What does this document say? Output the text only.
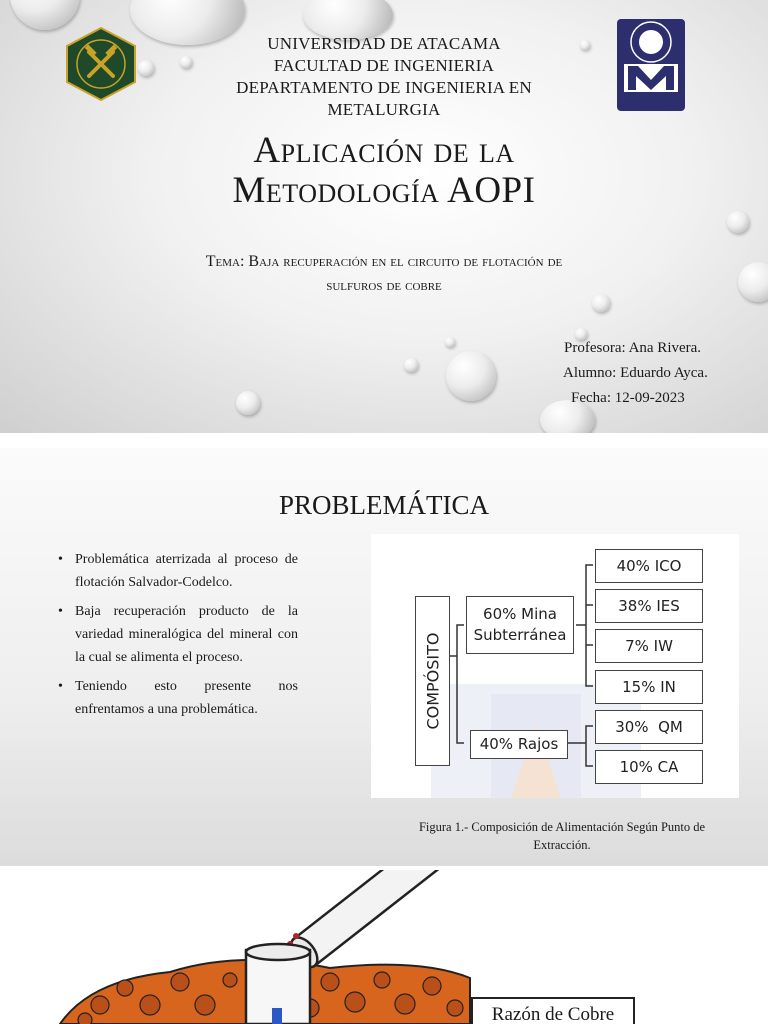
UNIVERSIDAD DE ATACAMA
FACULTAD DE INGENIERIA
DEPARTAMENTO DE INGENIERIA EN
METALURGIA
Aplicación de la
Metodología AOPI
Tema: Baja recuperación en el circuito de flotación de
sulfuros de cobre
Profesora: Ana Rivera.
Alumno: Eduardo Ayca.
Fecha: 12-09-2023
PROBLEMÁTICA
• Problemática aterrizada al proceso de flotación Salvador-Codelco.
• Baja recuperación producto de la variedad mineralógica del mineral con la cual se alimenta el proceso.
• Teniendo esto presente nos enfrentamos a una problemática.	COMPÓSITO
60% Mina
Subterránea
40% Rajos
40% ICO
38% IES
7% IW
15% IN
30%  QM
10% CA
Figura 1.- Composición de Alimentación Según Punto de
Extracción.
Razón de Cobre
